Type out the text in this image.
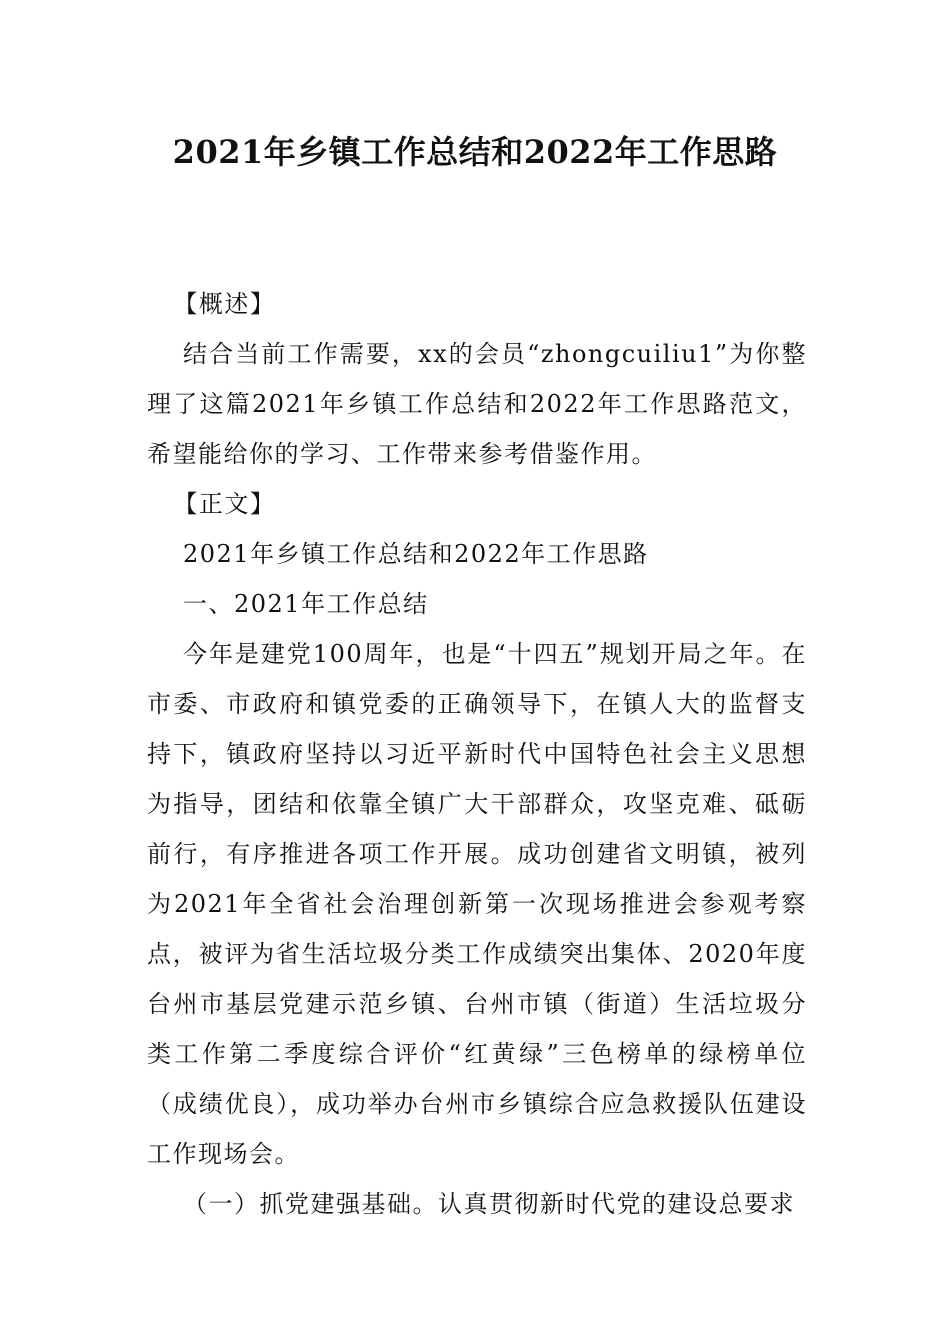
2021年乡镇工作总结和2022年工作思路

【概述】

结合当前工作需要，xx的会员“zhongcuiliu1”为你整理了这篇2021年乡镇工作总结和2022年工作思路范文，希望能给你的学习、工作带来参考借鉴作用。

【正文】

2021年乡镇工作总结和2022年工作思路

一、2021年工作总结

今年是建党100周年，也是“十四五”规划开局之年。在市委、市政府和镇党委的正确领导下，在镇人大的监督支持下，镇政府坚持以习近平新时代中国特色社会主义思想为指导，团结和依靠全镇广大干部群众，攻坚克难、砥砺前行，有序推进各项工作开展。成功创建省文明镇，被列为2021年全省社会治理创新第一次现场推进会参观考察点，被评为省生活垃圾分类工作成绩突出集体、2020年度台州市基层党建示范乡镇、台州市镇（街道）生活垃圾分类工作第二季度综合评价“红黄绿”三色榜单的绿榜单位（成绩优良），成功举办台州市乡镇综合应急救援队伍建设工作现场会。

（一）抓党建强基础。认真贯彻新时代党的建设总要求
